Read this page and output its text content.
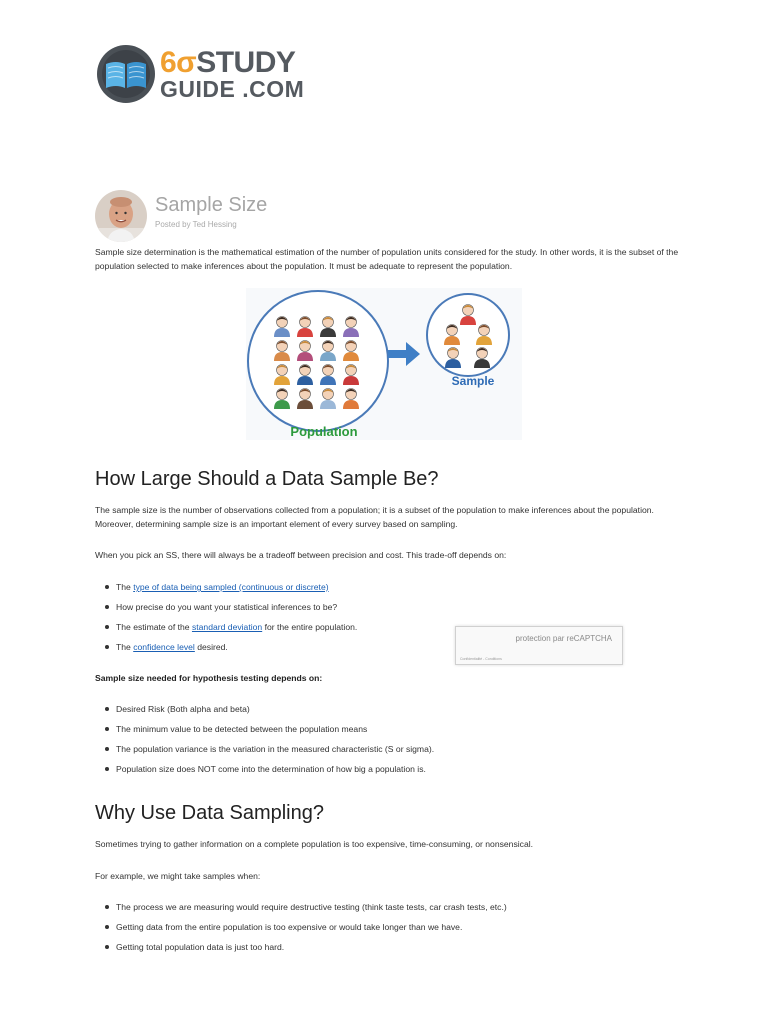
6σSTUDY
GUIDE .COM
Sample Size
Posted by Ted Hessing

Sample size determination is the mathematical estimation of the number of population units considered for the study. In other words, it is the subset of the population selected to make inferences about the population. It must be adequate to represent the population.

Population
Sample
How Large Should a Data Sample Be?

The sample size is the number of observations collected from a population; it is a subset of the population to make inferences about the population. Moreover, determining sample size is an important element of every survey based on sampling.

When you pick an SS, there will always be a tradeoff between precision and cost. This trade-off depends on:

The type of data being sampled (continuous or discrete)
How precise do you want your statistical inferences to be?
The estimate of the standard deviation for the entire population.
The confidence level desired.
protection par reCAPTCHA
Confidentialité - Conditions

Sample size needed for hypothesis testing depends on:

Desired Risk (Both alpha and beta)
The minimum value to be detected between the population means
The population variance is the variation in the measured characteristic (S or sigma).
Population size does NOT come into the determination of how big a population is.
Why Use Data Sampling?

Sometimes trying to gather information on a complete population is too expensive, time-consuming, or nonsensical.

For example, we might take samples when:

The process we are measuring would require destructive testing (think taste tests, car crash tests, etc.)
Getting data from the entire population is too expensive or would take longer than we have.
Getting total population data is just too hard.
